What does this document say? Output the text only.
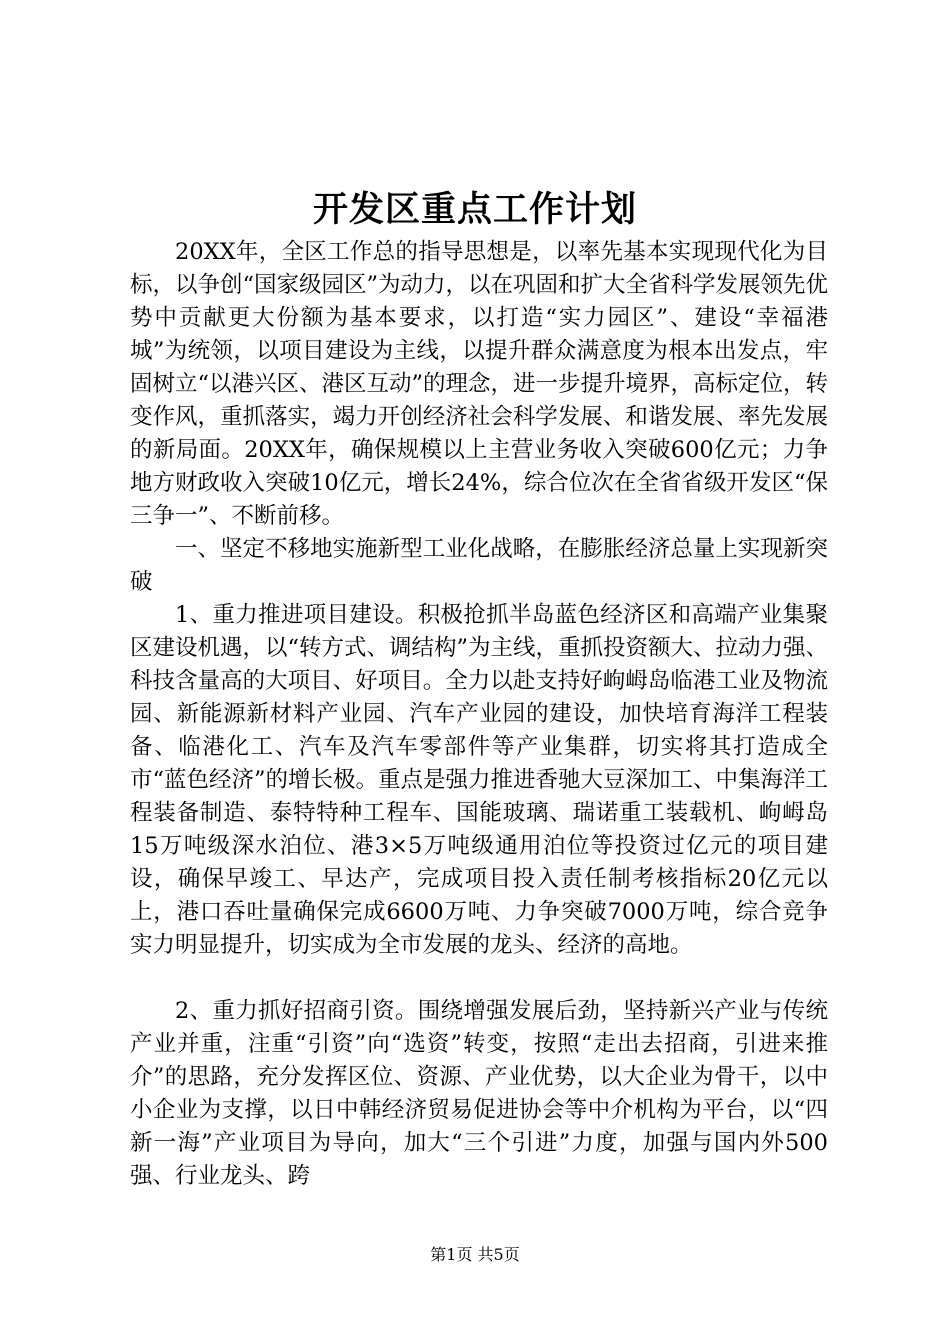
开发区重点工作计划

20XX年，全区工作总的指导思想是，以率先基本实现现代化为目标，以争创“国家级园区”为动力，以在巩固和扩大全省科学发展领先优势中贡献更大份额为基本要求，以打造“实力园区”、建设“幸福港城”为统领，以项目建设为主线，以提升群众满意度为根本出发点，牢固树立“以港兴区、港区互动”的理念，进一步提升境界，高标定位，转变作风，重抓落实，竭力开创经济社会科学发展、和谐发展、率先发展的新局面。20XX年，确保规模以上主营业务收入突破600亿元；力争地方财政收入突破10亿元，增长24%，综合位次在全省省级开发区“保三争一”、不断前移。

一、坚定不移地实施新型工业化战略，在膨胀经济总量上实现新突破

1、重力推进项目建设。积极抢抓半岛蓝色经济区和高端产业集聚区建设机遇，以“转方式、调结构”为主线，重抓投资额大、拉动力强、科技含量高的大项目、好项目。全力以赴支持好岣㟂岛临港工业及物流园、新能源新材料产业园、汽车产业园的建设，加快培育海洋工程装备、临港化工、汽车及汽车零部件等产业集群，切实将其打造成全市“蓝色经济”的增长极。重点是强力推进香驰大豆深加工、中集海洋工程装备制造、泰特特种工程车、国能玻璃、瑞诺重工装载机、岣㟂岛15万吨级深水泊位、港3×5万吨级通用泊位等投资过亿元的项目建设，确保早竣工、早达产，完成项目投入责任制考核指标20亿元以上，港口吞吐量确保完成6600万吨、力争突破7000万吨，综合竞争实力明显提升，切实成为全市发展的龙头、经济的高地。

2、重力抓好招商引资。围绕增强发展后劲，坚持新兴产业与传统产业并重，注重“引资”向“选资”转变，按照“走出去招商，引进来推介”的思路，充分发挥区位、资源、产业优势，以大企业为骨干，以中小企业为支撑，以日中韩经济贸易促进协会等中介机构为平台，以“四新一海”产业项目为导向，加大“三个引进”力度，加强与国内外500强、行业龙头、跨

第1页 共5页
